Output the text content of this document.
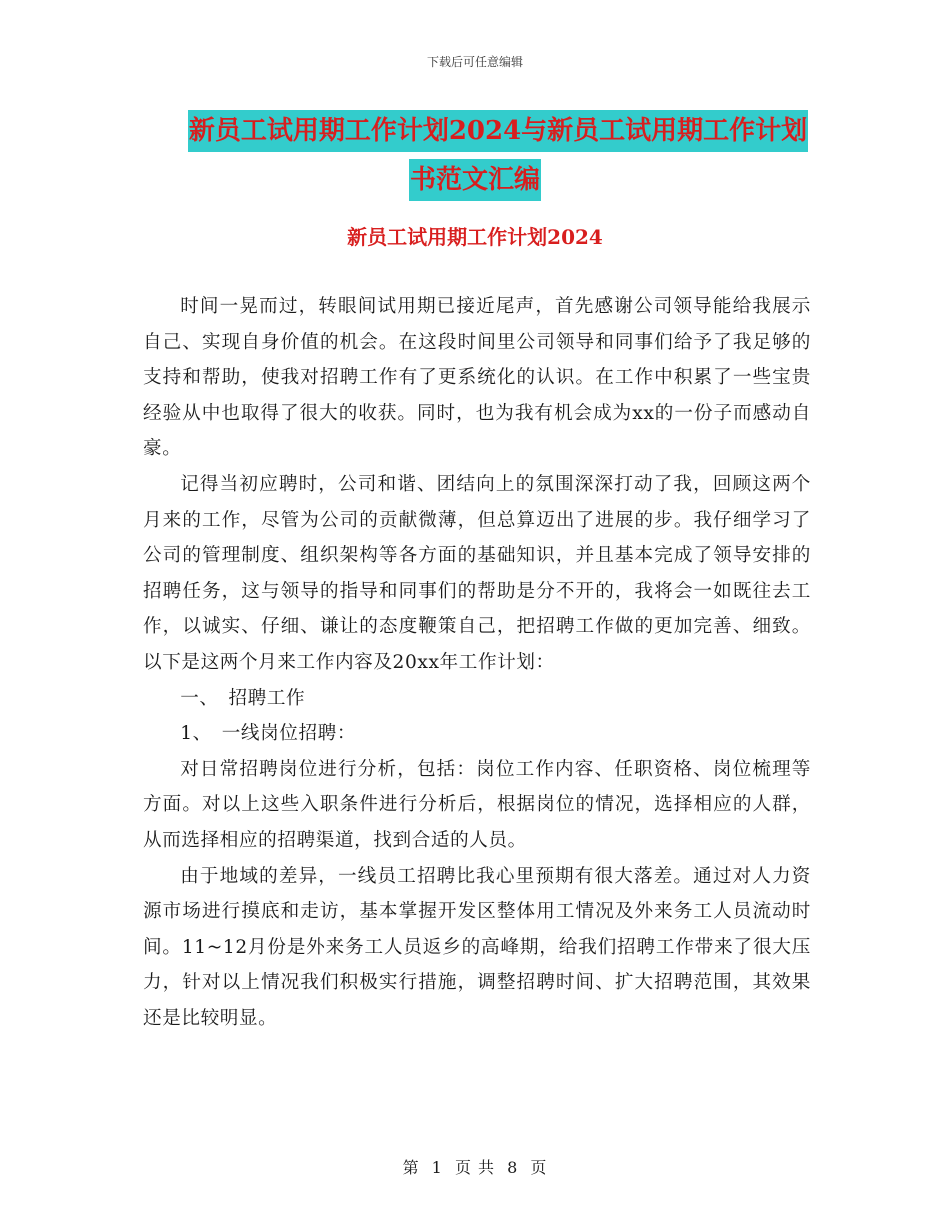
下载后可任意编辑
新员工试用期工作计划2024与新员工试用期工作计划
书范文汇编
新员工试用期工作计划2024

时间一晃而过，转眼间试用期已接近尾声，首先感谢公司领导能给我展示自己、实现自身价值的机会。在这段时间里公司领导和同事们给予了我足够的支持和帮助，使我对招聘工作有了更系统化的认识。在工作中积累了一些宝贵经验从中也取得了很大的收获。同时，也为我有机会成为xx的一份子而感动自豪。

记得当初应聘时，公司和谐、团结向上的氛围深深打动了我，回顾这两个月来的工作，尽管为公司的贡献微薄，但总算迈出了进展的步。我仔细学习了公司的管理制度、组织架构等各方面的基础知识，并且基本完成了领导安排的招聘任务，这与领导的指导和同事们的帮助是分不开的，我将会一如既往去工作，以诚实、仔细、谦让的态度鞭策自己，把招聘工作做的更加完善、细致。以下是这两个月来工作内容及20xx年工作计划：

一、　招聘工作

1、　一线岗位招聘：

对日常招聘岗位进行分析，包括：岗位工作内容、任职资格、岗位梳理等方面。对以上这些入职条件进行分析后，根据岗位的情况，选择相应的人群，从而选择相应的招聘渠道，找到合适的人员。

由于地域的差异，一线员工招聘比我心里预期有很大落差。通过对人力资源市场进行摸底和走访，基本掌握开发区整体用工情况及外来务工人员流动时间。11~12月份是外来务工人员返乡的高峰期，给我们招聘工作带来了很大压力，针对以上情况我们积极实行措施，调整招聘时间、扩大招聘范围，其效果还是比较明显。

第 1 页 共 8 页
